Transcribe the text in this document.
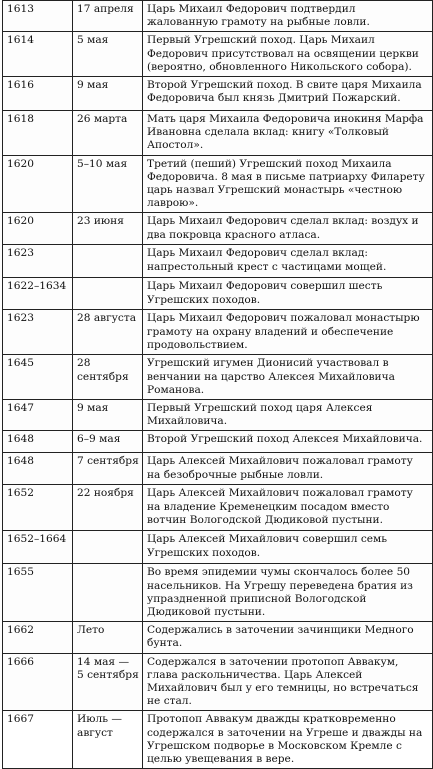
1613	17 апреля	Царь Михаил Федорович подтвердил жалованную грамоту на рыбные ловли.
1614	5 мая	Первый Угрешский поход. Царь Михаил Федорович присутствовал на освящении церкви (вероятно, обновленного Никольского собора).
1616	9 мая	Второй Угрешский поход. В свите царя Михаила Федоровича был князь Дмитрий Пожарский.
1618	26 марта	Мать царя Михаила Федоровича инокиня Марфа Ивановна сделала вклад: книгу «Толковый Апостол».
1620	5–10 мая	Третий (пеший) Угрешский поход Михаила Федоровича. 8 мая в письме патриарху Филарету царь назвал Угрешский монастырь «честною лаврою».
1620	23 июня	Царь Михаил Федорович сделал вклад: воздух и два покровца красного атласа.
1623		Царь Михаил Федорович сделал вклад: напрестольный крест с частицами мощей.
1622–1634		Царь Михаил Федорович совершил шесть Угрешских походов.
1623	28 августа	Царь Михаил Федорович пожаловал монастырю грамоту на охрану владений и обеспечение продовольствием.
1645	28 сентября	Угрешский игумен Дионисий участвовал в венчании на царство Алексея Михайловича Романова.
1647	9 мая	Первый Угрешский поход царя Алексея Михайловича.
1648	6–9 мая	Второй Угрешский поход Алексея Михайловича.
1648	7 сентября	Царь Алексей Михайлович пожаловал грамоту на безоброчные рыбные ловли.
1652	22 ноября	Царь Алексей Михайлович пожаловал грамоту на владение Кременецким посадом вместо вотчин Вологодской Дюдиковой пустыни.
1652–1664		Царь Алексей Михайлович совершил семь Угрешских походов.
1655		Во время эпидемии чумы скончалось более 50 насельников. На Угрешу переведена братия из упраздненной приписной Вологодской Дюдиковой пустыни.
1662	Лето	Содержались в заточении зачинщики Медного бунта.
1666	14 мая — 5 сентября	Содержался в заточении протопоп Аввакум, глава раскольничества. Царь Алексей Михайлович был у его темницы, но встречаться не стал.
1667	Июль — август	Протопоп Аввакум дважды кратковременно содержался в заточении на Угреше и дважды на Угрешском подворье в Московском Кремле с целью увещевания в вере.
